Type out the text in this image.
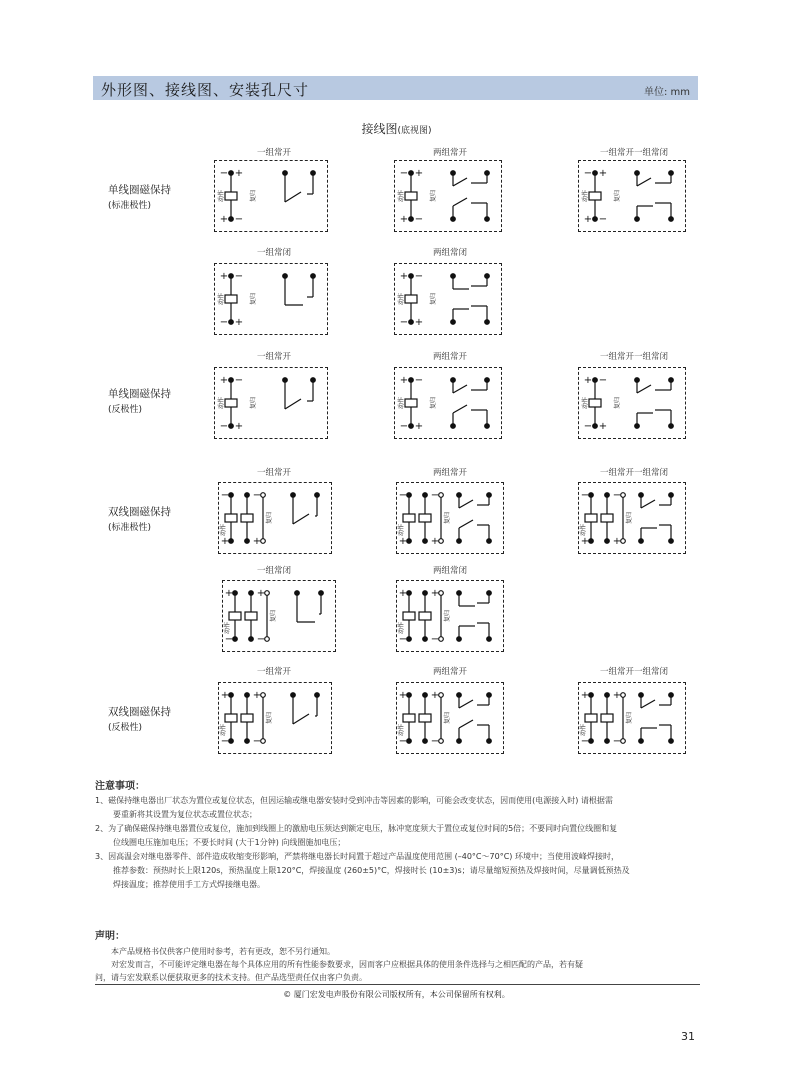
外形图、接线图、安装孔尺寸	单位: mm
接线图(底视图)
单线圈磁保持
(标准极性)
单线圈磁保持
(反极性)
双线圈磁保持
(标准极性)
双线圈磁保持
(反极性)
一组常开	两组常开	一组常开一组常闭
一组常闭	两组常闭
一组常开	两组常开	一组常开一组常闭
一组常开	两组常开	一组常开一组常闭
一组常闭	两组常闭
一组常开	两组常开	一组常开一组常闭
− +
+ −
动作	复归
− +
+ −
动作	复归
− +
+ −
动作	复归
+ −
− +
动作	复归
+ −
− +
动作	复归
+ −
− +
动作	复归
+ −
− +
动作	复归
+ −
− +
动作	复归
− −
+ +
动作
复归
− −
+ +
动作
复归
− −
+ +
动作
复归
+ +
− −
动作
复归
+ +
− −
动作
复归
+ +
− −
动作
复归
+ +
− −
动作
复归
+ +
− −
动作
复归
注意事项：
1、磁保持继电器出厂状态为置位或复位状态，但因运输或继电器安装时受到冲击等因素的影响，可能会改变状态，因而使用(电源接入时) 请根据需
要重新将其设置为复位状态或置位状态；
2、为了确保磁保持继电器置位或复位，施加到线圈上的激励电压须达到额定电压，脉冲宽度须大于置位或复位时间的5倍；不要同时向置位线圈和复
位线圈电压施加电压；不要长时间 (大于1分钟) 向线圈施加电压；
3、因高温会对继电器零件、部件造成收缩变形影响，严禁将继电器长时间置于超过产品温度使用范围 (–40°C～70°C) 环境中；当使用波峰焊接时，
推荐参数：预热时长上限120s，预热温度上限120°C，焊接温度 (260±5)°C，焊接时长 (10±3)s；请尽量缩短预热及焊接时间，尽量调低预热及
焊接温度；推荐使用手工方式焊接继电器。
声明：
本产品规格书仅供客户使用时参考，若有更改，恕不另行通知。
对宏发而言，不可能评定继电器在每个具体应用的所有性能参数要求，因而客户应根据具体的使用条件选择与之相匹配的产品，若有疑
问，请与宏发联系以便获取更多的技术支持。但产品选型责任仅由客户负责。
© 厦门宏发电声股份有限公司版权所有，本公司保留所有权利。
31
